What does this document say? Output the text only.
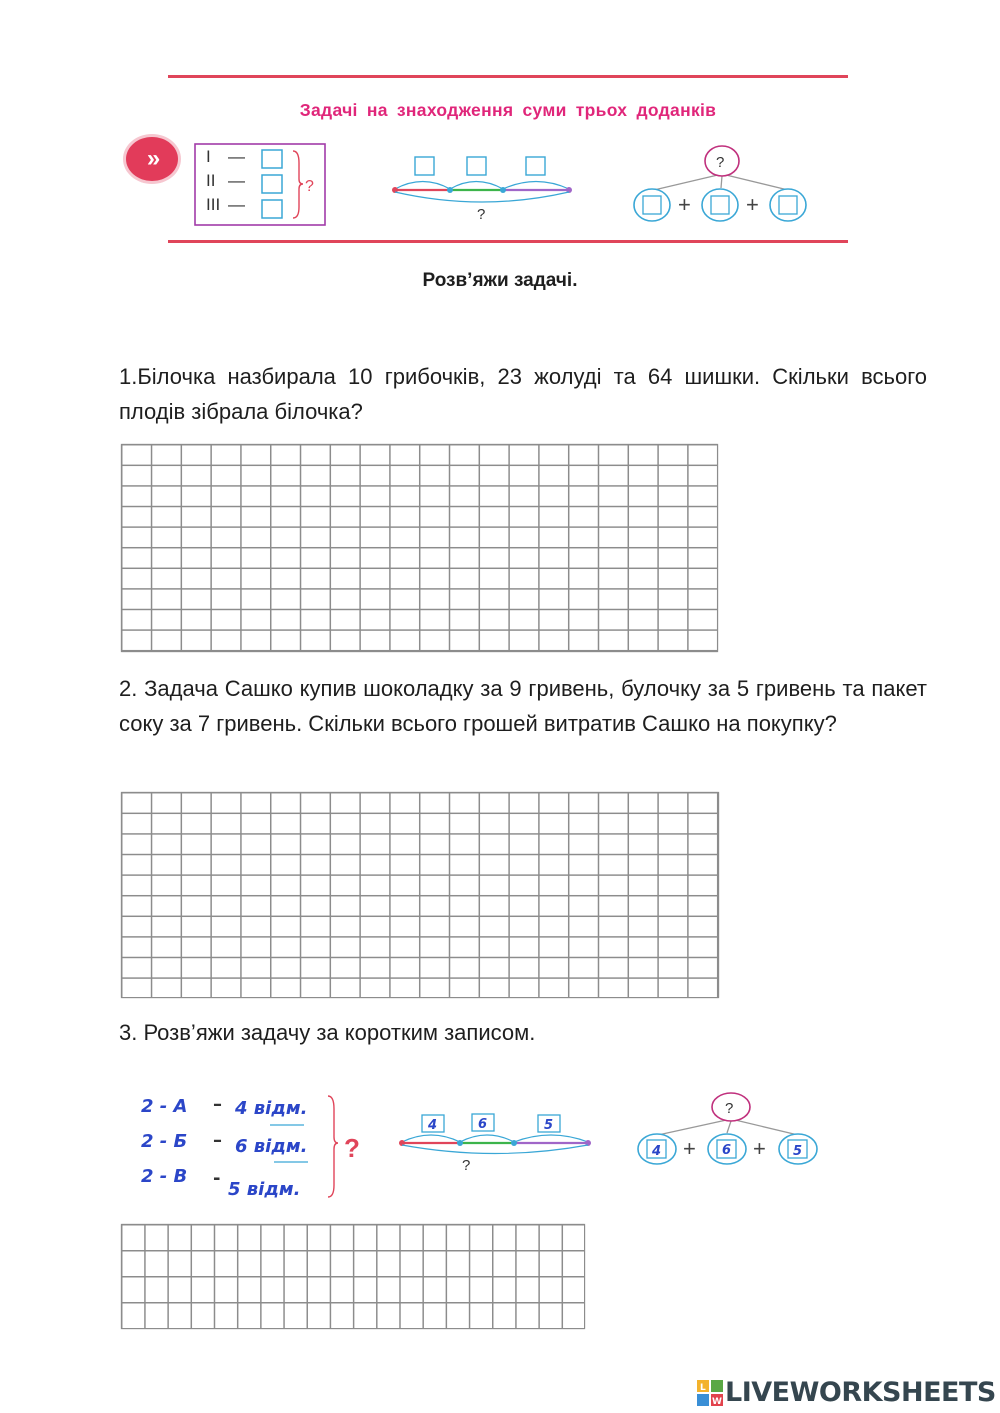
Задачі на знаходження суми трьох доданків
»	I
II
III
—
—
—
?
?
?
+	+
Розв’яжи задачі.
1.Білочка назбирала 10 грибочків, 23 жолуді та 64 шишки. Скільки всього плодів зібрала білочка?
2. Задача Сашко купив шоколадку за 9 гривень, булочку за 5 гривень та пакет соку за 7 гривень. Скільки всього грошей витратив Сашко на покупку?
3. Розв’яжи задачу за коротким записом.
2 - А – 4 відм.
2 - Б – 6 відм.
2 - В -
5 відм.
?
4	6	5
?
?
4	6	5
+	+
L
W LIVEWORKSHEETS
